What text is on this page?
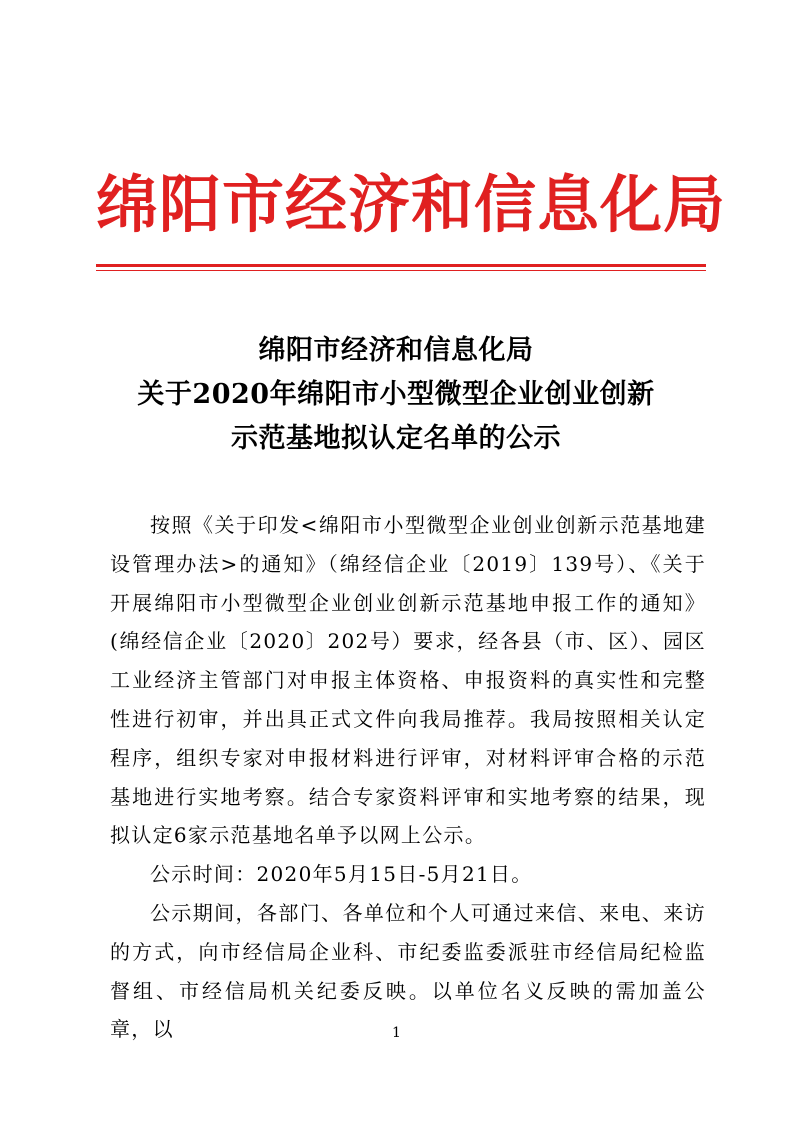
绵阳市经济和信息化局
绵阳市经济和信息化局
关于2020年绵阳市小型微型企业创业创新
示范基地拟认定名单的公示

按照《关于印发<绵阳市小型微型企业创业创新示范基地建设管理办法>的通知》（绵经信企业〔2019〕139号）、《关于开展绵阳市小型微型企业创业创新示范基地申报工作的通知》(绵经信企业〔2020〕202号）要求，经各县（市、区）、园区工业经济主管部门对申报主体资格、申报资料的真实性和完整性进行初审，并出具正式文件向我局推荐。我局按照相关认定程序，组织专家对申报材料进行评审，对材料评审合格的示范基地进行实地考察。结合专家资料评审和实地考察的结果，现拟认定6家示范基地名单予以网上公示。

公示时间：2020年5月15日-5月21日。

公示期间，各部门、各单位和个人可通过来信、来电、来访的方式，向市经信局企业科、市纪委监委派驻市经信局纪检监督组、市经信局机关纪委反映。以单位名义反映的需加盖公章，以	1
